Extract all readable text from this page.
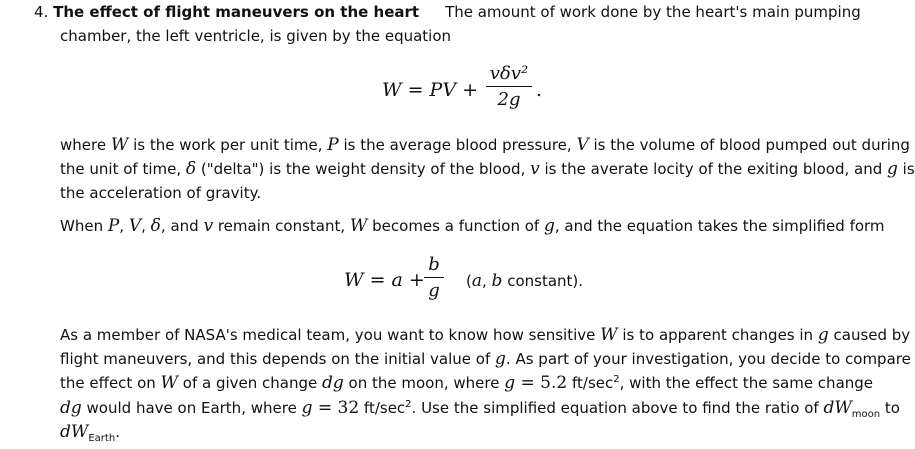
4. The effect of flight maneuvers on the heart The amount of work done by the heart's main pumping
chamber, the left ventricle, is given by the equation
W = PV +
vδv²
2g .
where W is the work per unit time, P is the average blood pressure, V is the volume of blood pumped out during
the unit of time, δ ("delta") is the weight density of the blood, v is the averate locity of the exiting blood, and g is
the acceleration of gravity.
When P, V, δ, and v remain constant, W becomes a function of g, and the equation takes the simplified form
W = a +
b
g (a, b constant).
As a member of NASA's medical team, you want to know how sensitive W is to apparent changes in g caused by
flight maneuvers, and this depends on the initial value of g. As part of your investigation, you decide to compare
the effect on W of a given change dg on the moon, where g = 5.2 $ft/\sec^2$, with the effect the same change
dg would have on Earth, where g = 32 $ft/\sec^2$. Use the simplified equation above to find the ratio of $dW_{moon}$ to
$dW_{Earth}$.
